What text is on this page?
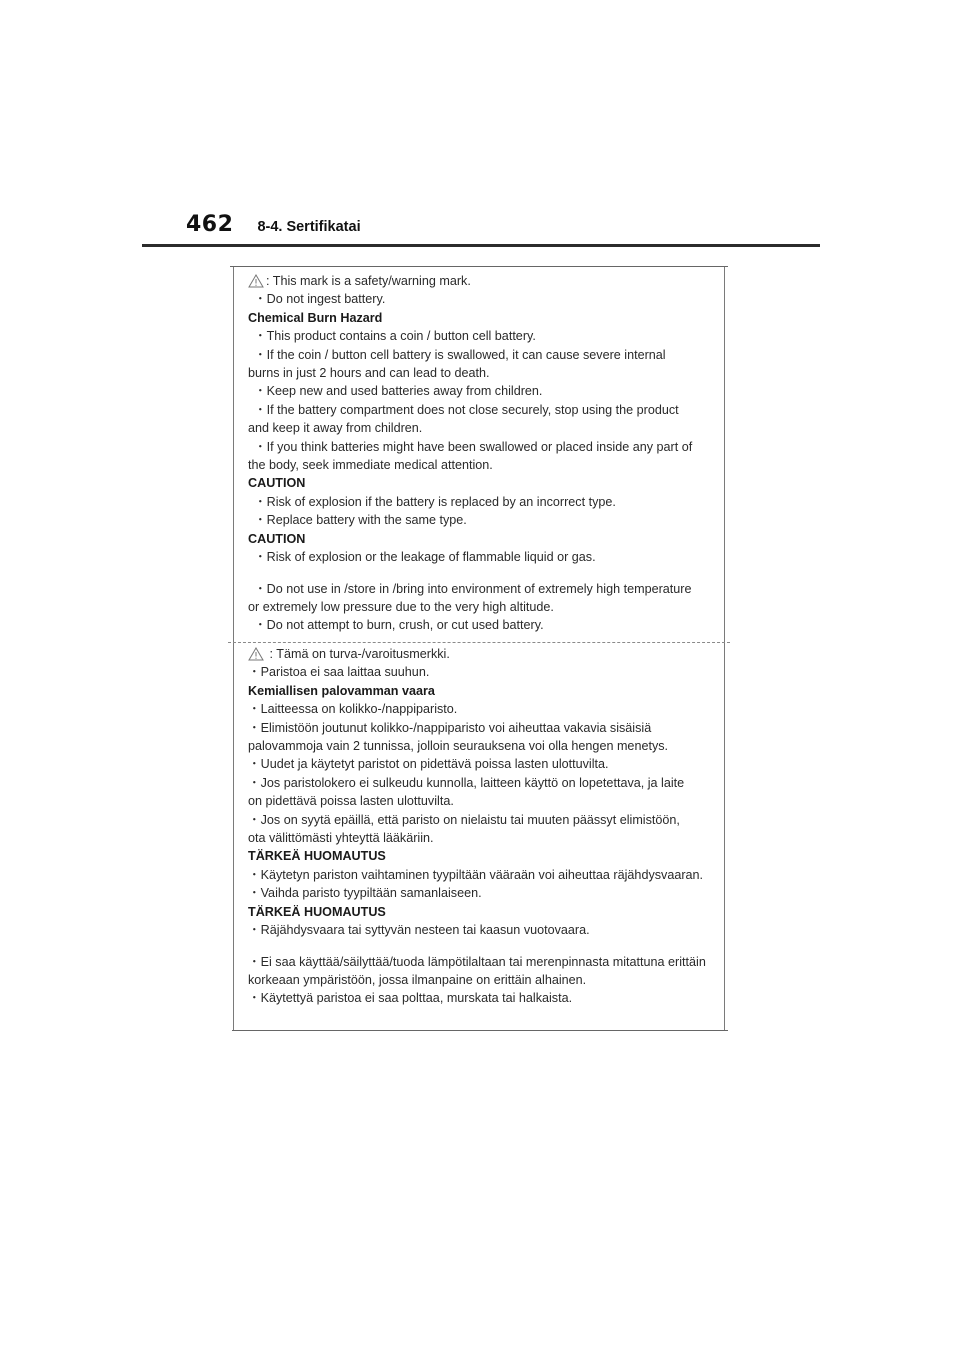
462 8-4. Sertifikatai
: This mark is a safety/warning mark.
・Do not ingest battery.
Chemical Burn Hazard
・This product contains a coin / button cell battery.
・If the coin / button cell battery is swallowed, it can cause severe internal
burns in just 2 hours and can lead to death.
・Keep new and used batteries away from children.
・If the battery compartment does not close securely, stop using the product
and keep it away from children.
・If you think batteries might have been swallowed or placed inside any part of
the body, seek immediate medical attention.
CAUTION
・Risk of explosion if the battery is replaced by an incorrect type.
・Replace battery with the same type.
CAUTION
・Risk of explosion or the leakage of flammable liquid or gas.
・Do not use in /store in /bring into environment of extremely high temperature
or extremely low pressure due to the very high altitude.
・Do not attempt to burn, crush, or cut used battery.
: Tämä on turva-/varoitusmerkki.
・Paristoa ei saa laittaa suuhun.
Kemiallisen palovamman vaara
・Laitteessa on kolikko-/nappiparisto.
・Elimistöön joutunut kolikko-/nappiparisto voi aiheuttaa vakavia sisäisiä
palovammoja vain 2 tunnissa, jolloin seurauksena voi olla hengen menetys.
・Uudet ja käytetyt paristot on pidettävä poissa lasten ulottuvilta.
・Jos paristolokero ei sulkeudu kunnolla, laitteen käyttö on lopetettava, ja laite
on pidettävä poissa lasten ulottuvilta.
・Jos on syytä epäillä, että paristo on nielaistu tai muuten päässyt elimistöön,
ota välittömästi yhteyttä lääkäriin.
TÄRKEÄ HUOMAUTUS
・Käytetyn pariston vaihtaminen tyypiltään vääraän voi aiheuttaa räjähdysvaaran.
・Vaihda paristo tyypiltään samanlaiseen.
TÄRKEÄ HUOMAUTUS
・Räjähdysvaara tai syttyvän nesteen tai kaasun vuotovaara.
・Ei saa käyttää/säilyttää/tuoda lämpötilaltaan tai merenpinnasta mitattuna erittäin
korkeaan ympäristöön, jossa ilmanpaine on erittäin alhainen.
・Käytettyä paristoa ei saa polttaa, murskata tai halkaista.
